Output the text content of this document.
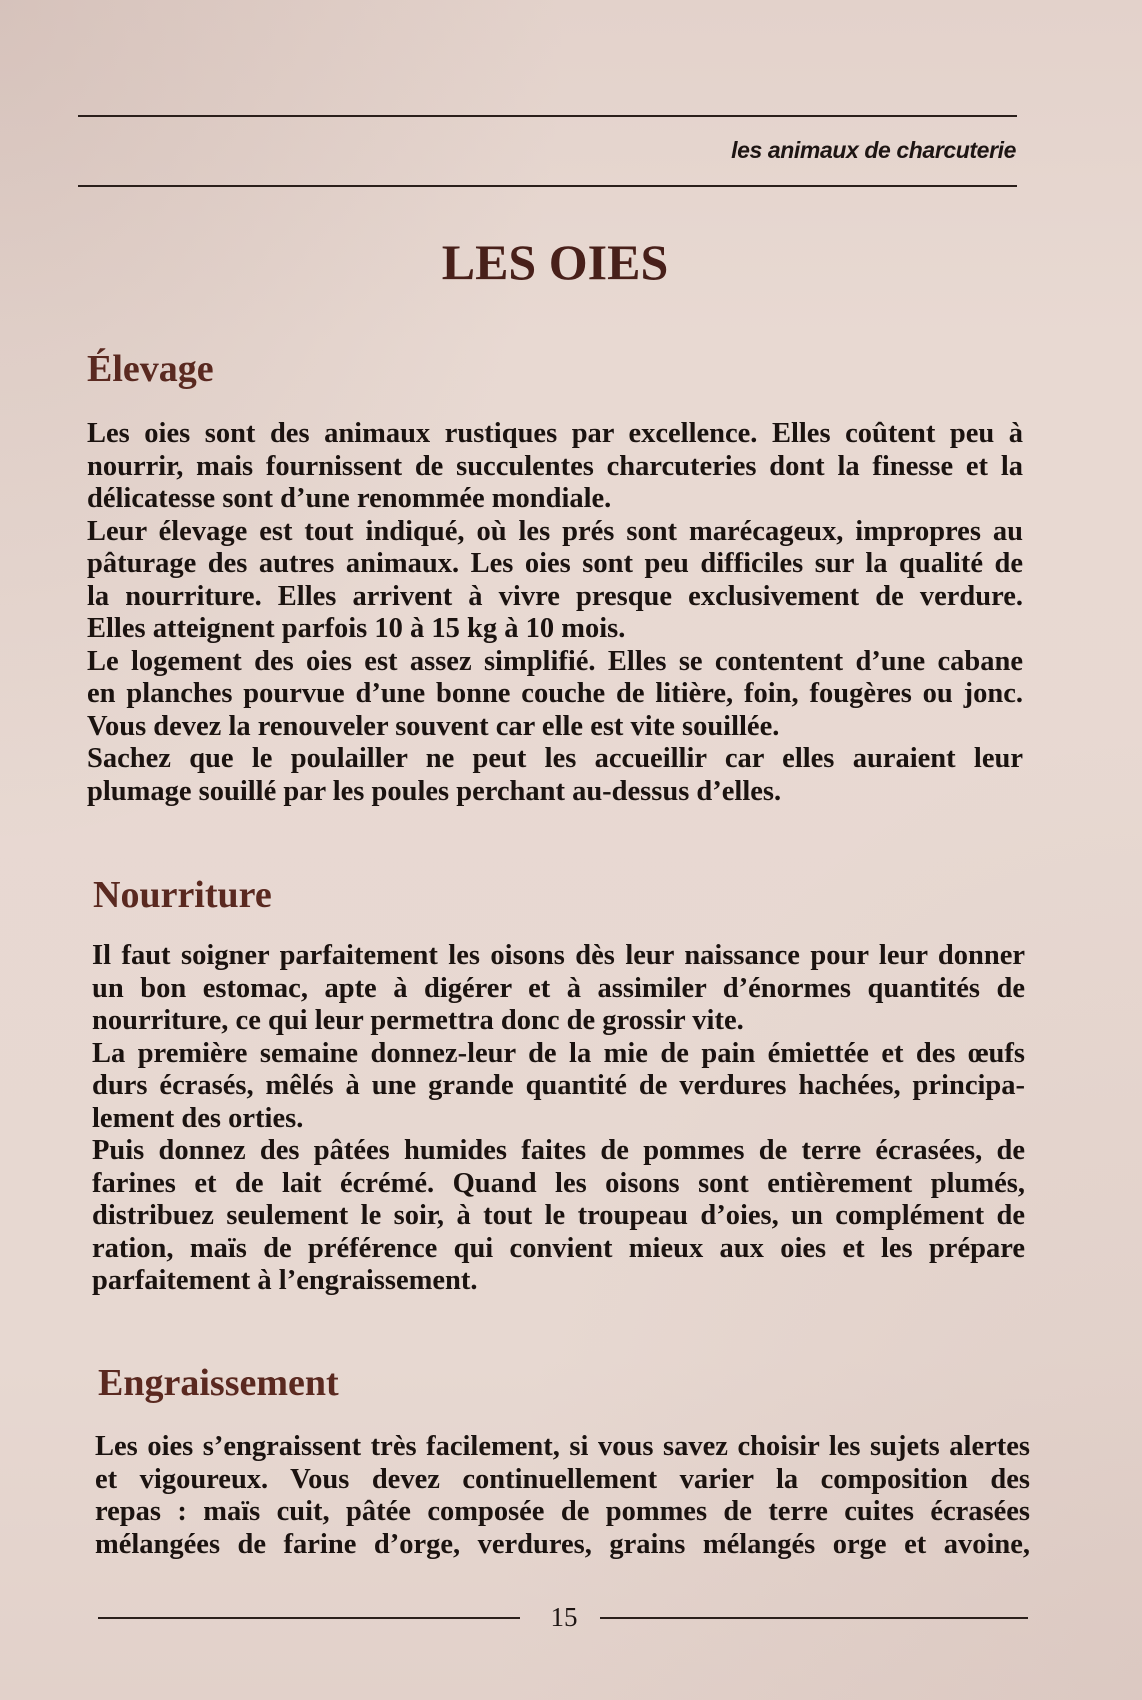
les animaux de charcuterie
LES OIES
Élevage
Les oies sont des animaux rustiques par excellence. Elles coûtent peu à
nourrir, mais fournissent de succulentes charcuteries dont la finesse et la
délicatesse sont d’une renommée mondiale.
Leur élevage est tout indiqué, où les prés sont marécageux, impropres au
pâturage des autres animaux. Les oies sont peu difficiles sur la qualité de
la nourriture. Elles arrivent à vivre presque exclusivement de verdure.
Elles atteignent parfois 10 à 15 kg à 10 mois.
Le logement des oies est assez simplifié. Elles se contentent d’une cabane
en planches pourvue d’une bonne couche de litière, foin, fougères ou jonc.
Vous devez la renouveler souvent car elle est vite souillée.
Sachez que le poulailler ne peut les accueillir car elles auraient leur
plumage souillé par les poules perchant au-dessus d’elles.
Nourriture
Il faut soigner parfaitement les oisons dès leur naissance pour leur donner
un bon estomac, apte à digérer et à assimiler d’énormes quantités de
nourriture, ce qui leur permettra donc de grossir vite.
La première semaine donnez-leur de la mie de pain émiettée et des œufs
durs écrasés, mêlés à une grande quantité de verdures hachées, principa-
lement des orties.
Puis donnez des pâtées humides faites de pommes de terre écrasées, de
farines et de lait écrémé. Quand les oisons sont entièrement plumés,
distribuez seulement le soir, à tout le troupeau d’oies, un complément de
ration, maïs de préférence qui convient mieux aux oies et les prépare
parfaitement à l’engraissement.
Engraissement
Les oies s’engraissent très facilement, si vous savez choisir les sujets alertes
et vigoureux. Vous devez continuellement varier la composition des
repas : maïs cuit, pâtée composée de pommes de terre cuites écrasées
mélangées de farine d’orge, verdures, grains mélangés orge et avoine,
15
